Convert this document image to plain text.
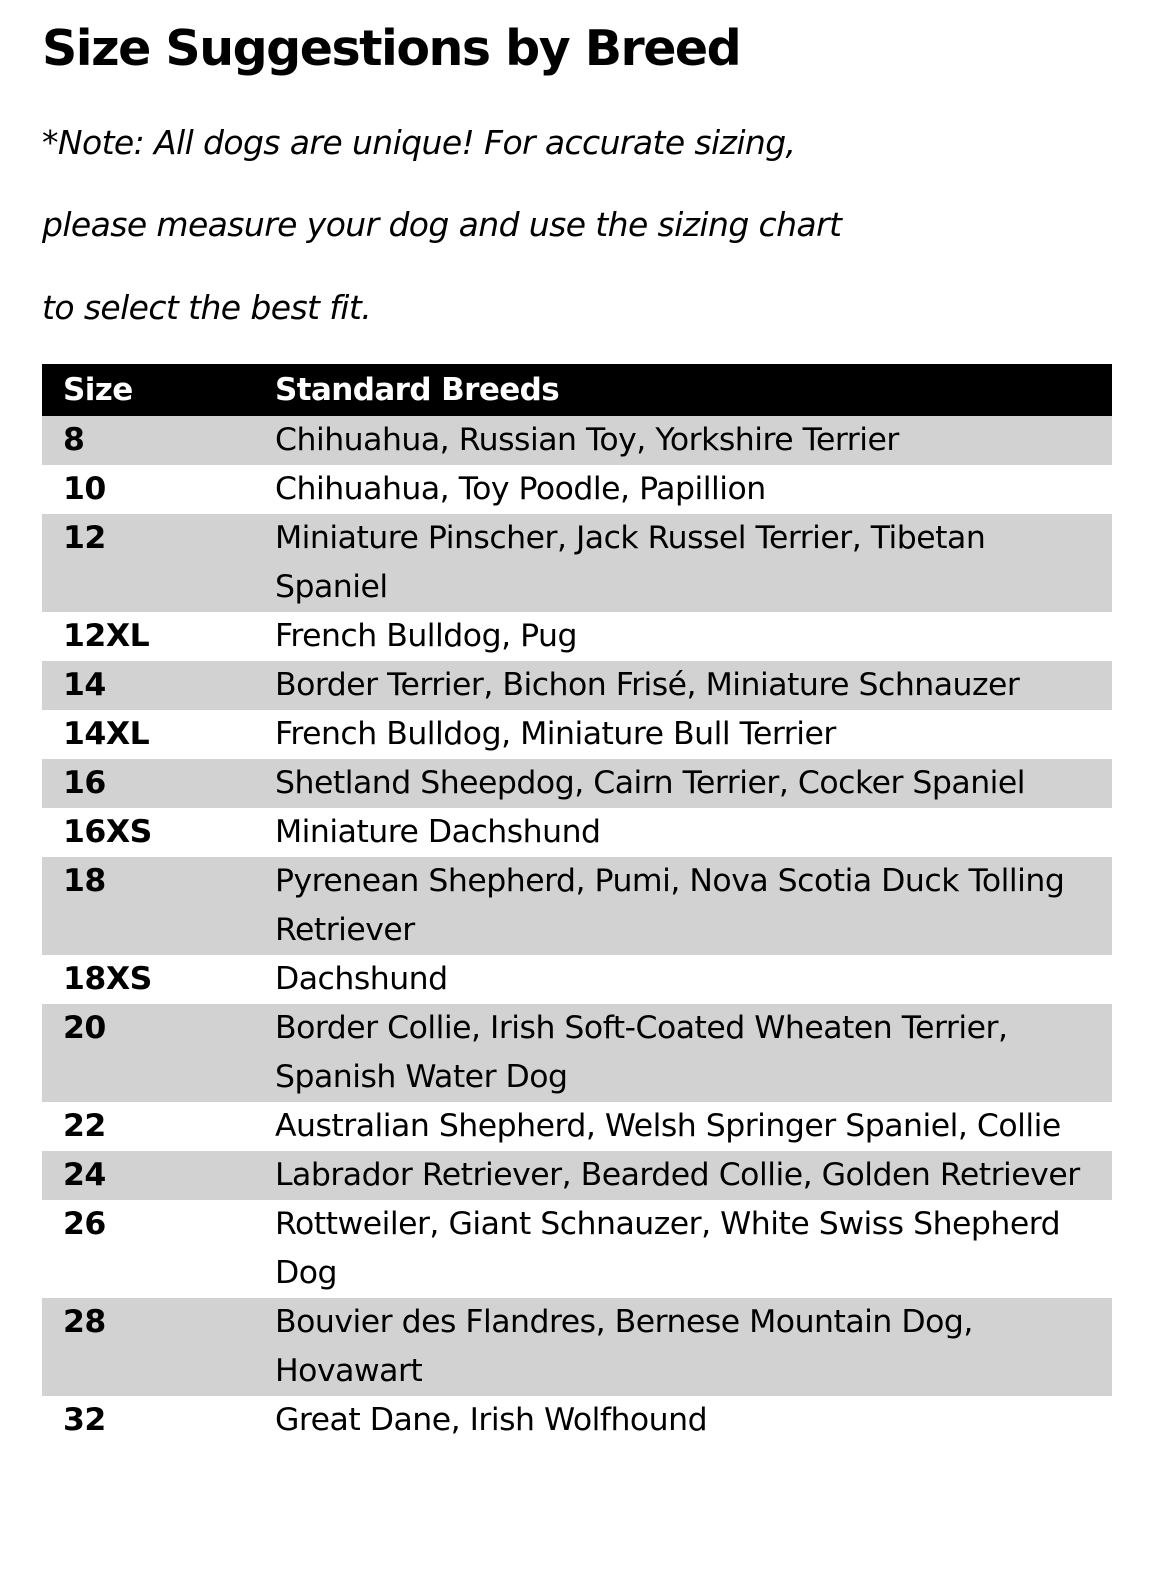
Size Suggestions by Breed

*Note: All dogs are unique! For accurate sizing,

please measure your dog and use the sizing chart

to select the best fit.

Size	Standard Breeds
8	Chihuahua, Russian Toy, Yorkshire Terrier
10	Chihuahua, Toy Poodle, Papillion
12	Miniature Pinscher, Jack Russel Terrier, Tibetan Spaniel
12XL	French Bulldog, Pug
14	Border Terrier, Bichon Frisé, Miniature Schnauzer
14XL	French Bulldog, Miniature Bull Terrier
16	Shetland Sheepdog, Cairn Terrier, Cocker Spaniel
16XS	Miniature Dachshund
18	Pyrenean Shepherd, Pumi, Nova Scotia Duck Tolling Retriever
18XS	Dachshund
20	Border Collie, Irish Soft-Coated Wheaten Terrier, Spanish Water Dog
22	Australian Shepherd, Welsh Springer Spaniel, Collie
24	Labrador Retriever, Bearded Collie, Golden Retriever
26	Rottweiler, Giant Schnauzer, White Swiss Shepherd Dog
28	Bouvier des Flandres, Bernese Mountain Dog, Hovawart
32	Great Dane, Irish Wolfhound
